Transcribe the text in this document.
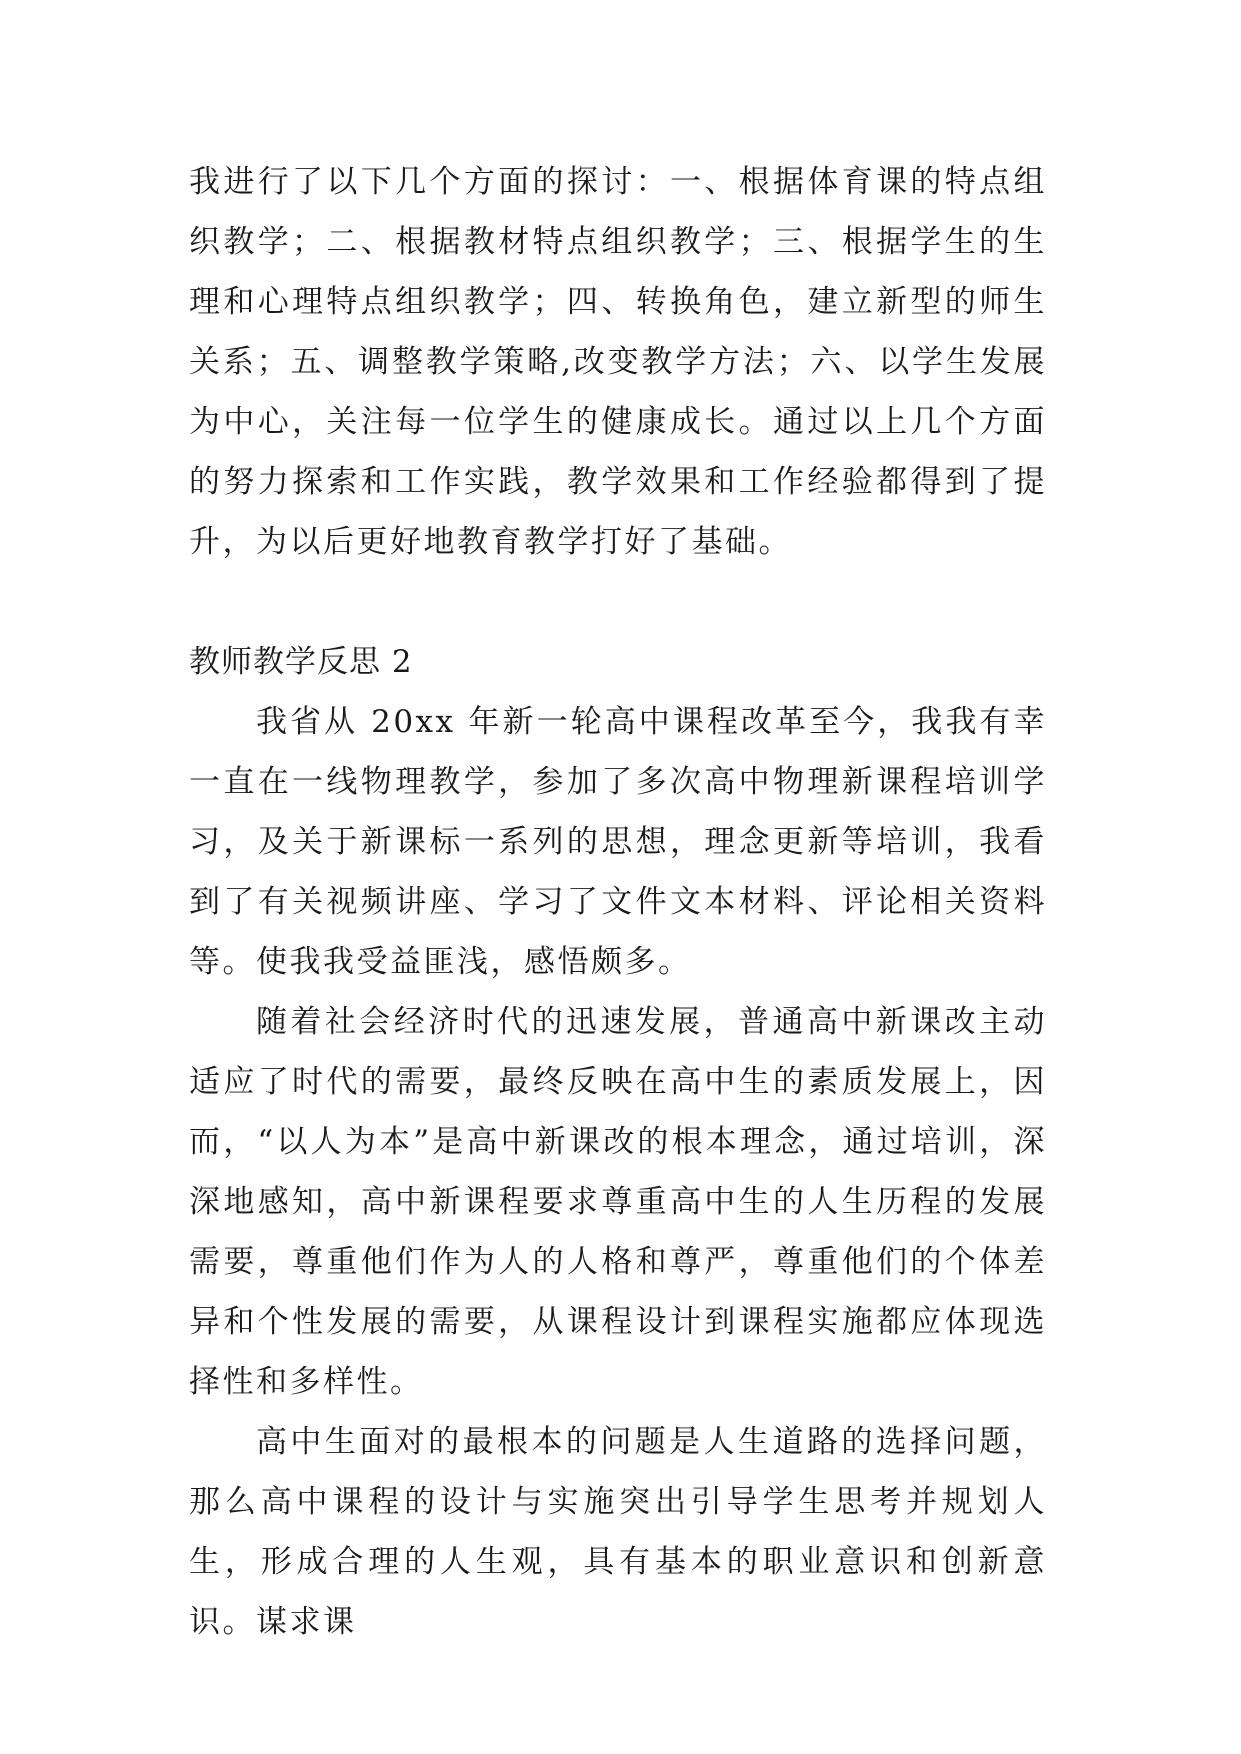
我进行了以下几个方面的探讨：一、根据体育课的特点组织教学；二、根据教材特点组织教学；三、根据学生的生理和心理特点组织教学；四、转换角色，建立新型的师生关系；五、调整教学策略,改变教学方法；六、以学生发展为中心，关注每一位学生的健康成长。通过以上几个方面的努力探索和工作实践，教学效果和工作经验都得到了提升，为以后更好地教育教学打好了基础。

教师教学反思 2

我省从 20xx 年新一轮高中课程改革至今，我我有幸一直在一线物理教学，参加了多次高中物理新课程培训学习，及关于新课标一系列的思想，理念更新等培训，我看到了有关视频讲座、学习了文件文本材料、评论相关资料等。使我我受益匪浅，感悟颇多。

随着社会经济时代的迅速发展，普通高中新课改主动适应了时代的需要，最终反映在高中生的素质发展上，因而，“以人为本”是高中新课改的根本理念，通过培训，深深地感知，高中新课程要求尊重高中生的人生历程的发展需要，尊重他们作为人的人格和尊严，尊重他们的个体差异和个性发展的需要，从课程设计到课程实施都应体现选择性和多样性。

高中生面对的最根本的问题是人生道路的选择问题，那么高中课程的设计与实施突出引导学生思考并规划人生，形成合理的人生观，具有基本的职业意识和创新意识。谋求课
